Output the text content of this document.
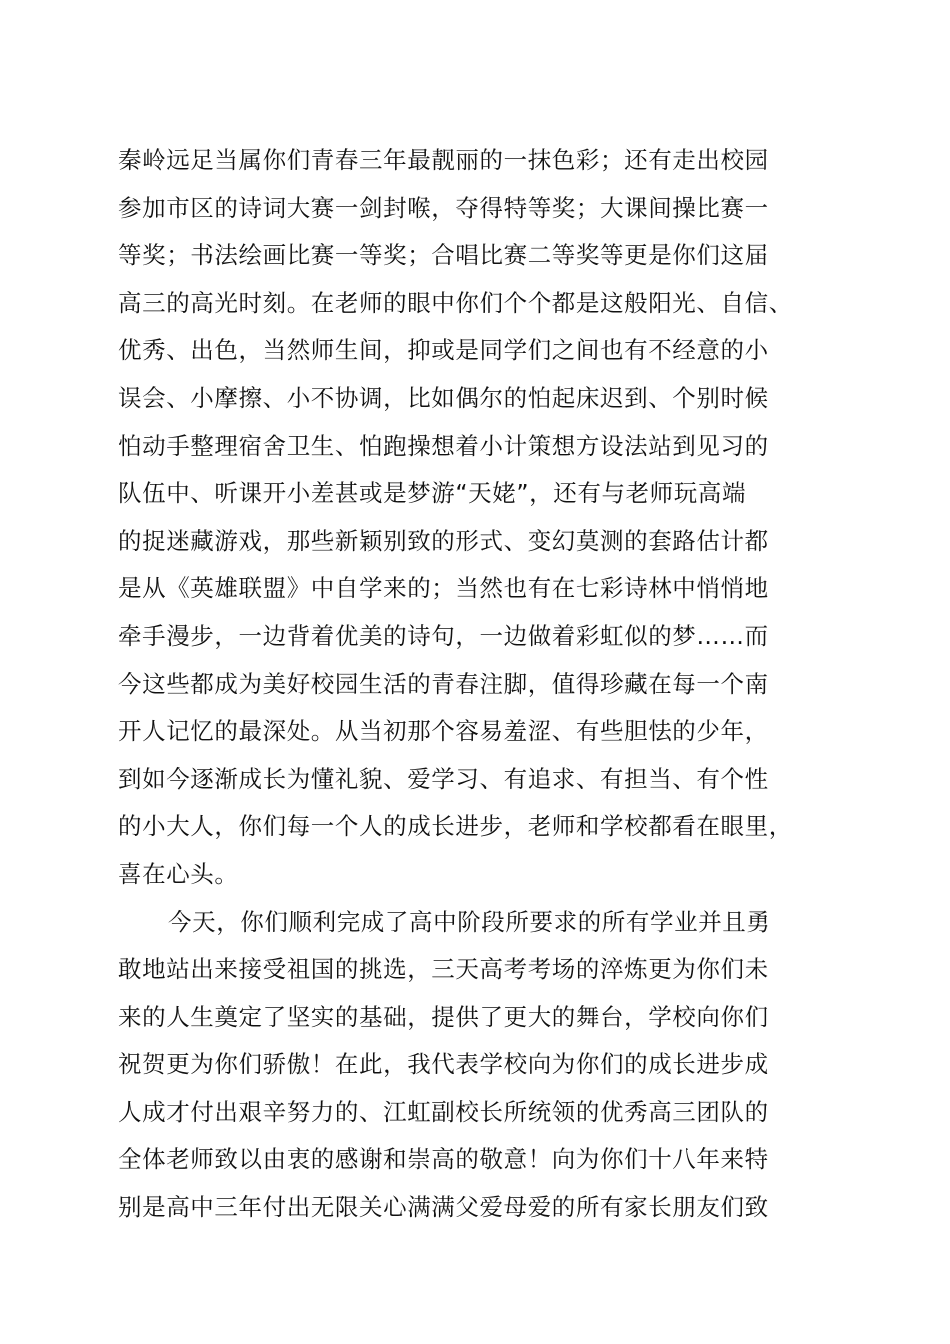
秦岭远足当属你们青春三年最靓丽的一抹色彩；还有走出校园
参加市区的诗词大赛一剑封喉，夺得特等奖；大课间操比赛一
等奖；书法绘画比赛一等奖；合唱比赛二等奖等更是你们这届
高三的高光时刻。在老师的眼中你们个个都是这般阳光、自信、
优秀、出色，当然师生间，抑或是同学们之间也有不经意的小
误会、小摩擦、小不协调，比如偶尔的怕起床迟到、个别时候
怕动手整理宿舍卫生、怕跑操想着小计策想方设法站到见习的
队伍中、听课开小差甚或是梦游“天姥”，还有与老师玩高端
的捉迷藏游戏，那些新颖别致的形式、变幻莫测的套路估计都
是从《英雄联盟》中自学来的；当然也有在七彩诗林中悄悄地
牵手漫步，一边背着优美的诗句，一边做着彩虹似的梦……而
今这些都成为美好校园生活的青春注脚，值得珍藏在每一个南
开人记忆的最深处。从当初那个容易羞涩、有些胆怯的少年，
到如今逐渐成长为懂礼貌、爱学习、有追求、有担当、有个性
的小大人，你们每一个人的成长进步，老师和学校都看在眼里，
喜在心头。
今天，你们顺利完成了高中阶段所要求的所有学业并且勇
敢地站出来接受祖国的挑选，三天高考考场的淬炼更为你们未
来的人生奠定了坚实的基础，提供了更大的舞台，学校向你们
祝贺更为你们骄傲！在此，我代表学校向为你们的成长进步成
人成才付出艰辛努力的、江虹副校长所统领的优秀高三团队的
全体老师致以由衷的感谢和崇高的敬意！向为你们十八年来特
别是高中三年付出无限关心满满父爱母爱的所有家长朋友们致
